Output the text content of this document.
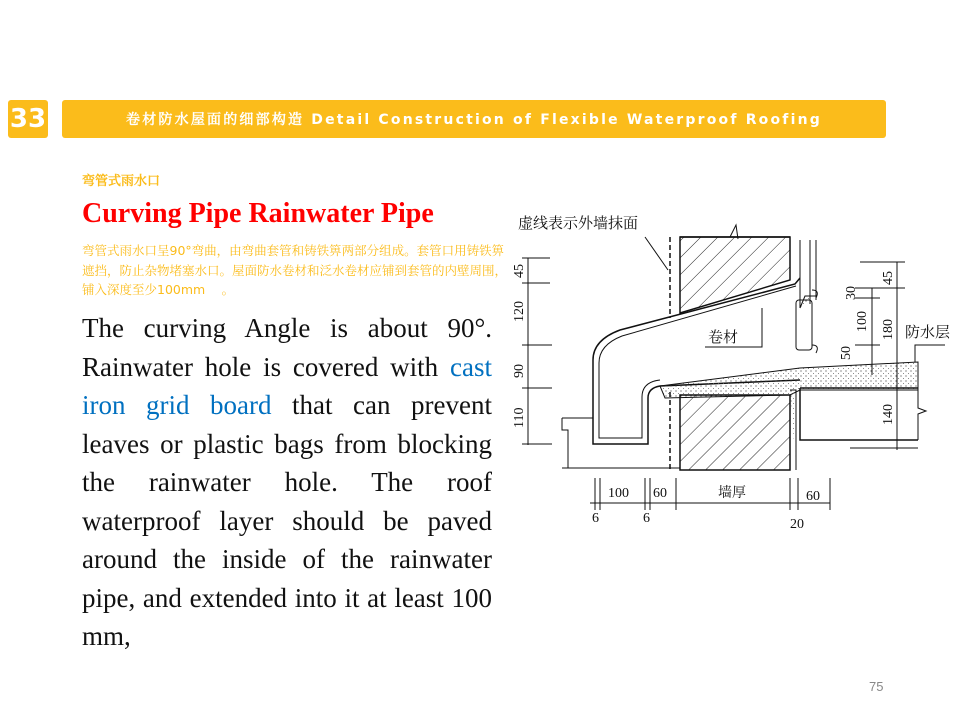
33	卷材防水屋面的细部构造 Detail Construction of Flexible Waterproof Roofing
弯管式雨水口
Curving Pipe Rainwater Pipe
弯管式雨水口呈90°弯曲，由弯曲套管和铸铁箅两部分组成。套管口用铸铁箅遮挡，防止杂物堵塞水口。屋面防水卷材和泛水卷材应铺到套管的内壁周围，铺入深度至少100mm 　。
The curving Angle is about 90°. Rainwater hole is covered with cast iron grid board that can prevent leaves or plastic bags from blocking the rainwater hole. The roof waterproof layer should be paved around the inside of the rainwater pipe, and extended into it at least 100 mm,
虚线表示外墙抹面
卷材	防水层
墙厚
45
120
90
110
30
100
50
45
180
140
100 60	60
6	6	20
75
